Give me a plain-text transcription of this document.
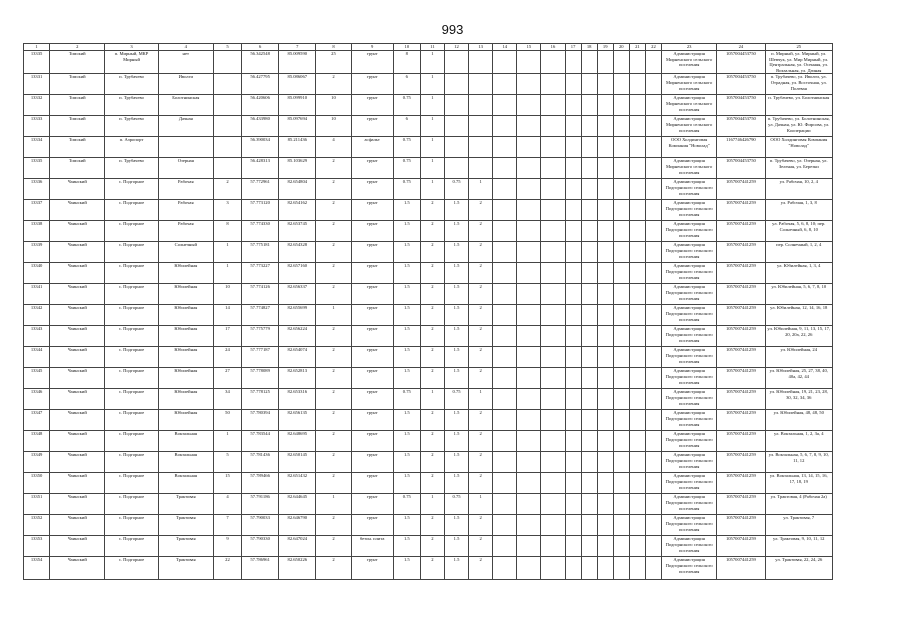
993
1	2	3	4	5	6	7	8	9	10	11	12	13	14	15	16	17	18	19	20	21	22	23	24	25
13335	Томский	п. Мирный, МКР Мирный	нет		56.342548	85.009590	25	грунт	8	1												Администрация Мирненского сельского поселения	1057004453750	п. Мирный, ул. Мирный, ул. Шевчук, ул. Мир Мирный, ул. Центральная, ул. Осенняя, ул. Вокзальная, ул. Дачная
13331	Томский	п. Трубачево	Иволги		56.427795	85.086067	2	грунт	6	1												Администрация Мирненского сельского поселения	1057004453750	п. Трубачево, ул. Иволги, ул. Отрадная, ул. Восточная, ул. Полевая
13332	Томский	п. Трубачево	Болотнинская		56.420606	85.099910	10	грунт	0.75	1												Администрация Мирненского сельского поселения	1057004453750	п. Трубачево, ул. Болотнинская
13333	Томский	п. Трубачево	Дачная		56.433980	85.097694	10	грунт	6	1												Администрация Мирненского сельского поселения	1057004453750	п. Трубачево, ул. Болотнинская, ул. Дачная, ул. Ю. Фирсова, ул. Кооперации
13334	Томский	п. Аэропорт			56.390034	85.211436	4	асфальт	0.75	1												ООО Холдинговая Компания "Новолад"	1167746426790	ООО Холдинговая Компания "Новолад"
13335	Томский	п. Трубачево	Озерная		56.428313	85.103629	2	грунт	0.75	1												Администрация Мирненского сельского поселения	1057004453750	п. Трубачево, ул. Озерная, ул. Зеленая, ул. Березки
13336	Чаинский	с. Подгорное	Рабочая	2	57.772961	82.654804	2	грунт	0.75	1	0.75	1										Администрация Подгорнского сельского поселения	1057007441259	ул. Рабочая, 10, 2, 4
13337	Чаинский	с. Подгорное	Рабочая	3	57.773120	82.654162	2	грунт	1.5	2	1.5	2										Администрация Подгорнского сельского поселения	1057007441259	ул. Рабочая, 1, 3, 8
13338	Чаинский	с. Подгорное	Рабочая	8	57.774330	82.653745	2	грунт	1.5	2	1.5	2										Администрация Подгорнского сельского поселения	1057007441259	ул. Рабочая, 5, 6, 8, 10; пер. Солнечный, 6, 8, 10
13339	Чаинский	с. Подгорное	Солнечный	1	57.775181	82.654328	2	грунт	1.5	2	1.5	2										Администрация Подгорнского сельского поселения	1057007441259	пер. Солнечный, 1, 2, 4
13340	Чаинский	с. Подгорное	Юбилейная	1	57.773227	82.657160	2	грунт	1.5	2	1.5	2										Администрация Подгорнского сельского поселения	1057007441259	ул. Юбилейная, 1, 3, 4
13341	Чаинский	с. Подгорное	Юбилейная	10	57.774126	82.656337	2	грунт	1.5	2	1.5	2										Администрация Подгорнского сельского поселения	1057007441259	ул. Юбилейная, 5, 6, 7, 8, 10
13342	Чаинский	с. Подгорное	Юбилейная	14	57.774827	82.655699	1	грунт	1.5	2	1.5	2										Администрация Подгорнского сельского поселения	1057007441259	ул. Юбилейная, 12, 14, 16, 18
13343	Чаинский	с. Подгорное	Юбилейная	17	57.775779	82.656224	2	грунт	1.5	2	1.5	2										Администрация Подгорнского сельского поселения	1057007441259	ул. Юбилейная, 9, 11, 13, 15, 17, 20, 20а, 22, 26
13344	Чаинский	с. Подгорное	Юбилейная	24	57.777187	82.654074	2	грунт	1.5	2	1.5	2										Администрация Подгорнского сельского поселения	1057007441259	ул. Юбилейная, 24
13345	Чаинский	с. Подгорное	Юбилейная	27	57.778089	82.652813	2	грунт	1.5	2	1.5	2										Администрация Подгорнского сельского поселения	1057007441259	ул. Юбилейная, 25, 27, 38, 40, 40а, 42, 44
13346	Чаинский	с. Подгорное	Юбилейная	34	57.778125	82.653316	2	грунт	0.75	1	0.75	1										Администрация Подгорнского сельского поселения	1057007441259	ул. Юбилейная, 19, 21, 23, 28, 30, 32, 34, 36
13347	Чаинский	с. Подгорное	Юбилейная	50	57.780394	82.656135	2	грунт	1.5	2	1.5	2										Администрация Подгорнского сельского поселения	1057007441259	ул. Юбилейная, 48, 48, 50
13348	Чаинский	с. Подгорное	Вокзальная	1	57.783544	82.648695	2	грунт	1.5	2	1.5	2										Администрация Подгорнского сельского поселения	1057007441259	ул. Вокзальная, 1, 2, 3а, 4
13349	Чаинский	с. Подгорное	Вокзальная	5	57.781436	82.650145	2	грунт	1.5	2	1.5	2										Администрация Подгорнского сельского поселения	1057007441259	ул. Вокзальная, 5, 6, 7, 8, 9, 10, 11, 12
13350	Чаинский	с. Подгорное	Вокзальная	15	57.789466	82.651432	2	грунт	1.5	2	1.5	2										Администрация Подгорнского сельского поселения	1057007441259	ул. Вокзальная, 13, 14, 15, 16, 17, 18, 19
13351	Чаинский	с. Подгорное	Трактовая	4	57.791186	82.644645	1	грунт	0.75	1	0.75	1										Администрация Подгорнского сельского поселения	1057007441259	ул. Трактовая, 4 (Рабочая 2a)
13352	Чаинский	с. Подгорное	Трактовая	7	57.790033	82.646790	2	грунт	1.5	2	1.5	2										Администрация Подгорнского сельского поселения	1057007441259	ул. Трактовая, 7
13353	Чаинский	с. Подгорное	Трактовая	9	57.790330	82.647024	2	бетон. плита	1.5	2	1.5	2										Администрация Подгорнского сельского поселения	1057007441259	ул. Трактовая, 9, 10, 11, 12
13354	Чаинский	с. Подгорное	Трактовая	22	57.786961	82.650226	2	грунт	1.5	2	1.5	2										Администрация Подгорнского сельского поселения	1057007441259	ул. Трактовая, 22, 24, 26
